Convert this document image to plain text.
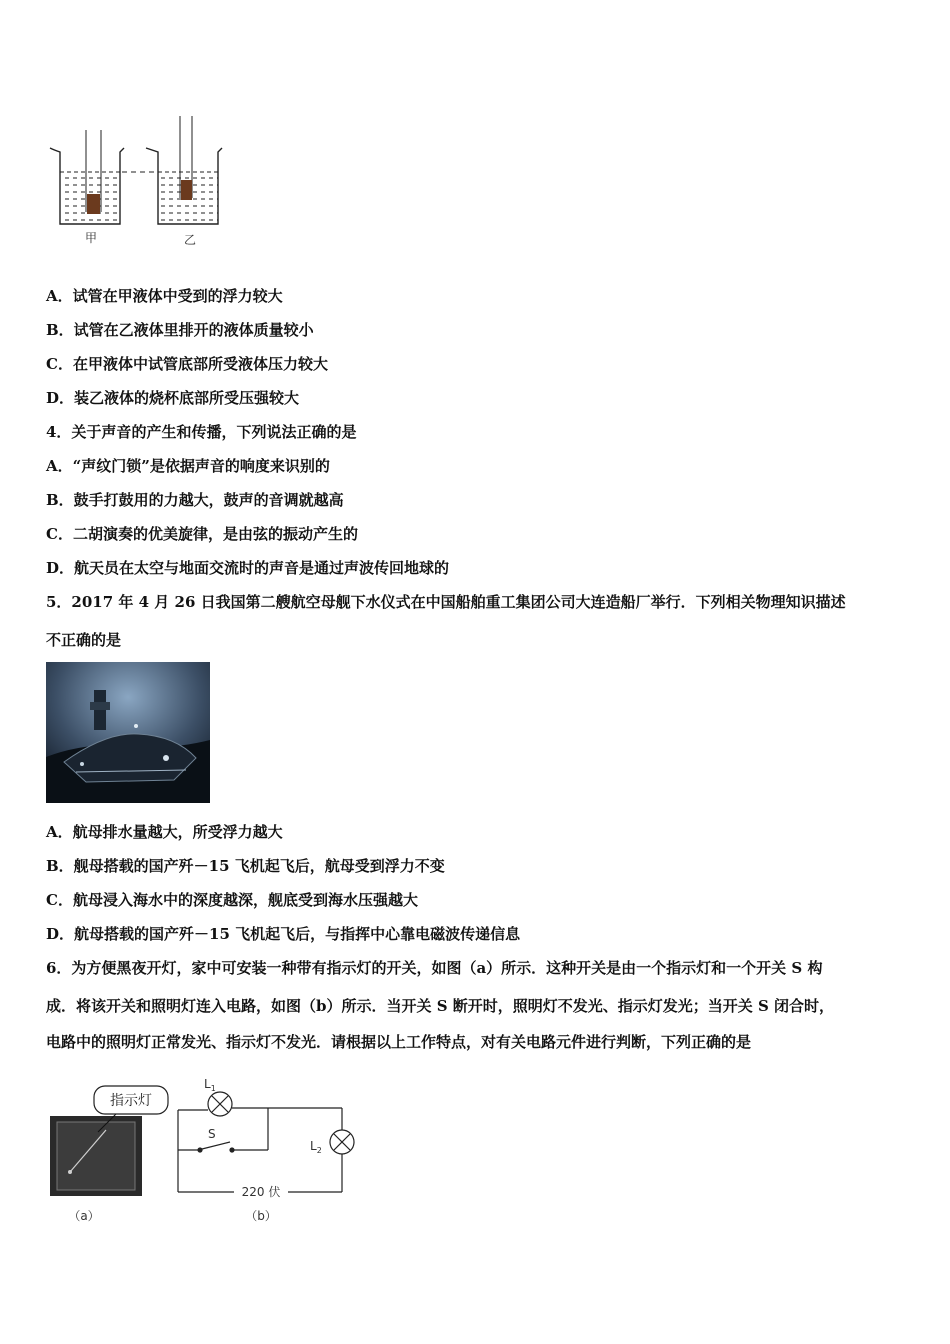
甲	乙
A．试管在甲液体中受到的浮力较大
B．试管在乙液体里排开的液体质量较小
C．在甲液体中试管底部所受液体压力较大
D．装乙液体的烧杯底部所受压强较大
4．关于声音的产生和传播，下列说法正确的是
A．“声纹门锁”是依据声音的响度来识别的
B．鼓手打鼓用的力越大，鼓声的音调就越高
C．二胡演奏的优美旋律，是由弦的振动产生的
D．航天员在太空与地面交流时的声音是通过声波传回地球的
5．2017 年 4 月 26 日我国第二艘航空母舰下水仪式在中国船舶重工集团公司大连造船厂举行．下列相关物理知识描述
不正确的是
A．航母排水量越大，所受浮力越大
B．舰母搭载的国产歼－15 飞机起飞后，航母受到浮力不变
C．航母浸入海水中的深度越深，舰底受到海水压强越大
D．航母搭载的国产歼－15 飞机起飞后，与指挥中心靠电磁波传递信息
6．为方便黑夜开灯，家中可安装一种带有指示灯的开关，如图（a）所示．这种开关是由一个指示灯和一个开关 S 构
成．将该开关和照明灯连入电路，如图（b）所示．当开关 S 断开时，照明灯不发光、指示灯发光；当开关 S 闭合时，
电路中的照明灯正常发光、指示灯不发光．请根据以上工作特点，对有关电路元件进行判断，下列正确的是
指示灯
$L_1$
S
$L_2$
220 伏
（a）	（b）
